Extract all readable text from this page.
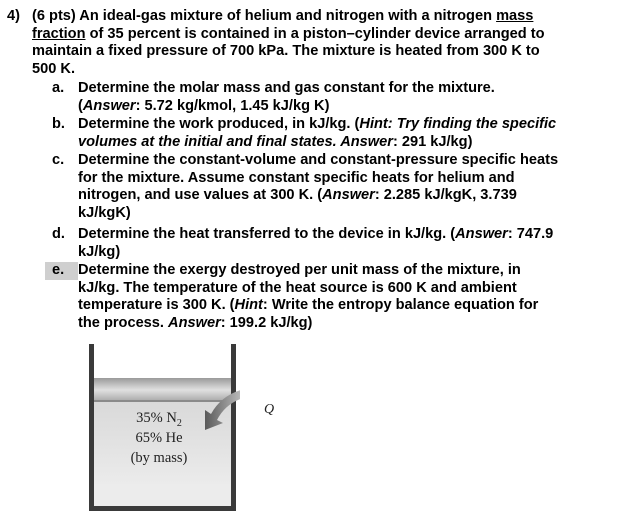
4) (6 pts) An ideal-gas mixture of helium and nitrogen with a nitrogen mass
fraction of 35 percent is contained in a piston–cylinder device arranged to
maintain a fixed pressure of 700 kPa. The mixture is heated from 300 K to
500 K.
a. Determine the molar mass and gas constant for the mixture.
(Answer: 5.72 kg/kmol, 1.45 kJ/kg K)
b. Determine the work produced, in kJ/kg. (Hint: Try finding the specific
volumes at the initial and final states. Answer: 291 kJ/kg)
c. Determine the constant-volume and constant-pressure specific heats
for the mixture. Assume constant specific heats for helium and
nitrogen, and use values at 300 K. (Answer: 2.285 kJ/kgK, 3.739
kJ/kgK)
d. Determine the heat transferred to the device in kJ/kg. (Answer: 747.9
kJ/kg)
e. Determine the exergy destroyed per unit mass of the mixture, in
kJ/kg. The temperature of the heat source is 600 K and ambient
temperature is 300 K. (Hint: Write the entropy balance equation for
the process. Answer: 199.2 kJ/kg)
35% $N_2$
65% He
(by mass)
Q
